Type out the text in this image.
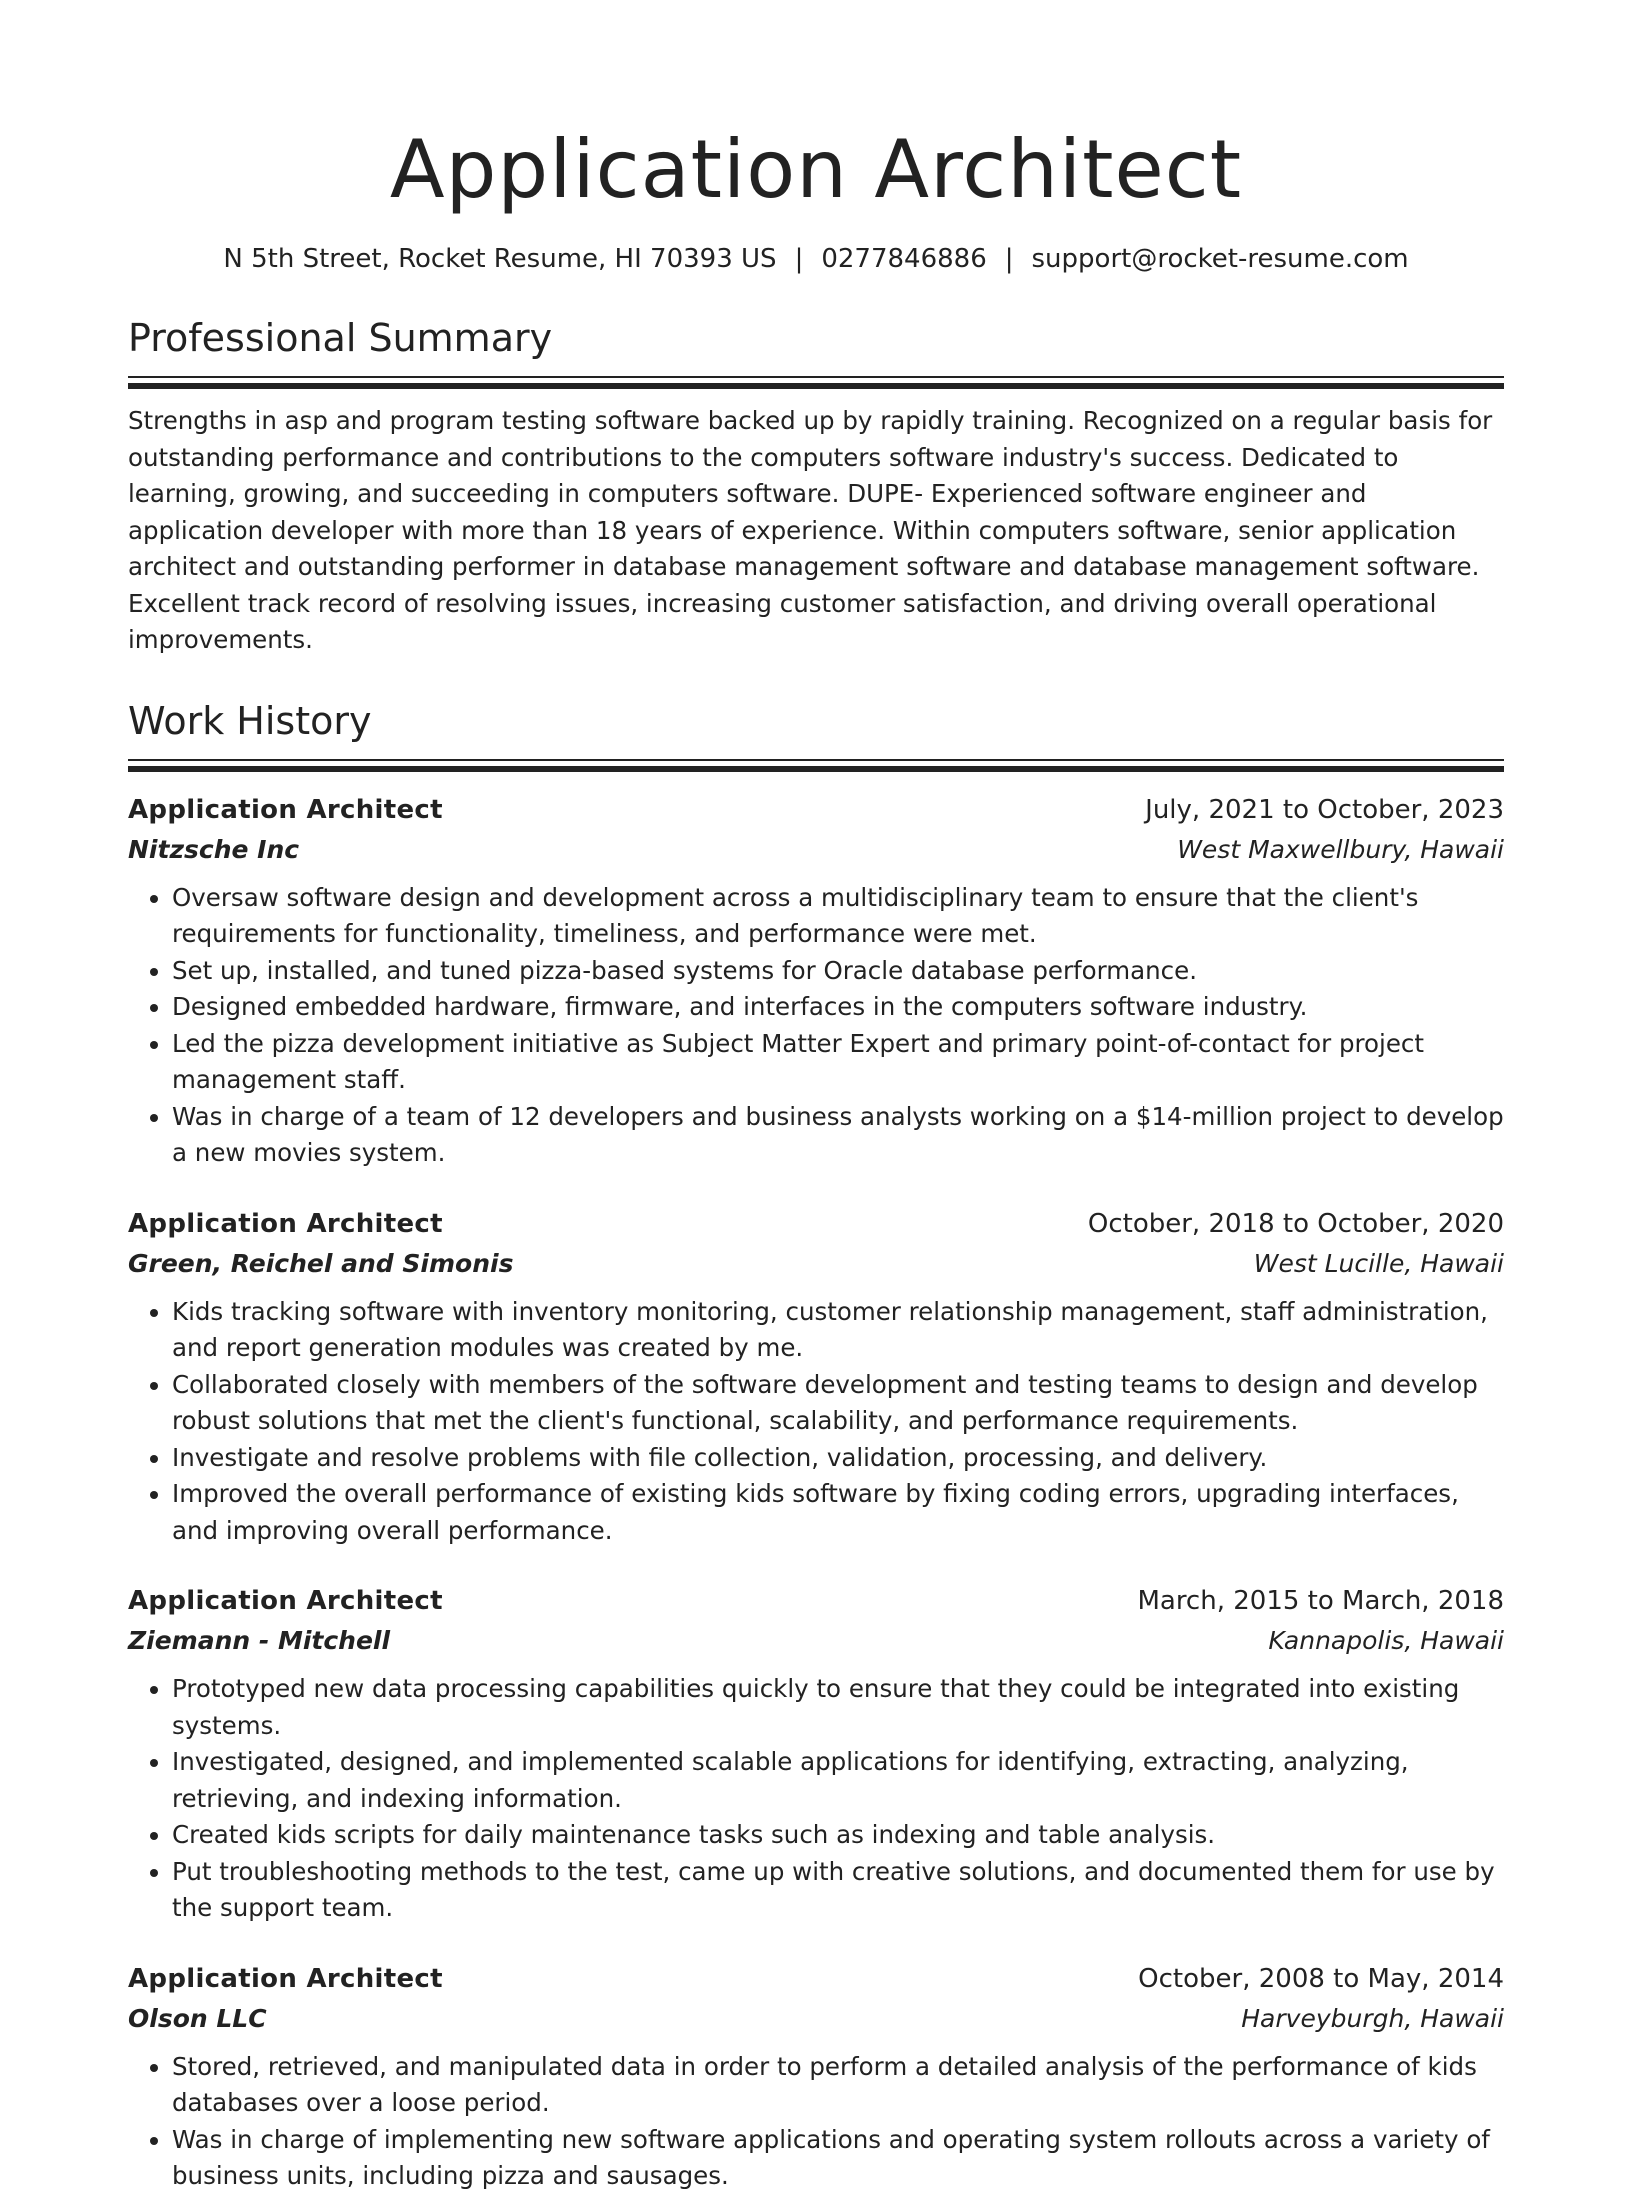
Application Architect
N 5th Street, Rocket Resume, HI 70393 US | 0277846886 | support@rocket-resume.com
Professional Summary

Strengths in asp and program testing software backed up by rapidly training. Recognized on a regular basis for outstanding performance and contributions to the computers software industry's success. Dedicated to learning, growing, and succeeding in computers software. DUPE- Experienced software engineer and application developer with more than 18 years of experience. Within computers software, senior application architect and outstanding performer in database management software and database management software. Excellent track record of resolving issues, increasing customer satisfaction, and driving overall operational improvements.

Work History
Application Architect	July, 2021 to October, 2023
Nitzsche Inc	West Maxwellbury, Hawaii
• Oversaw software design and development across a multidisciplinary team to ensure that the client's requirements for functionality, timeliness, and performance were met.
• Set up, installed, and tuned pizza-based systems for Oracle database performance.
• Designed embedded hardware, firmware, and interfaces in the computers software industry.
• Led the pizza development initiative as Subject Matter Expert and primary point-of-contact for project management staff.
• Was in charge of a team of 12 developers and business analysts working on a $14-million project to develop a new movies system.
Application Architect	October, 2018 to October, 2020
Green, Reichel and Simonis	West Lucille, Hawaii
• Kids tracking software with inventory monitoring, customer relationship management, staff administration, and report generation modules was created by me.
• Collaborated closely with members of the software development and testing teams to design and develop robust solutions that met the client's functional, scalability, and performance requirements.
• Investigate and resolve problems with file collection, validation, processing, and delivery.
• Improved the overall performance of existing kids software by fixing coding errors, upgrading interfaces, and improving overall performance.
Application Architect	March, 2015 to March, 2018
Ziemann - Mitchell	Kannapolis, Hawaii
• Prototyped new data processing capabilities quickly to ensure that they could be integrated into existing systems.
• Investigated, designed, and implemented scalable applications for identifying, extracting, analyzing, retrieving, and indexing information.
• Created kids scripts for daily maintenance tasks such as indexing and table analysis.
• Put troubleshooting methods to the test, came up with creative solutions, and documented them for use by the support team.
Application Architect	October, 2008 to May, 2014
Olson LLC	Harveyburgh, Hawaii
• Stored, retrieved, and manipulated data in order to perform a detailed analysis of the performance of kids databases over a loose period.
• Was in charge of implementing new software applications and operating system rollouts across a variety of business units, including pizza and sausages.
